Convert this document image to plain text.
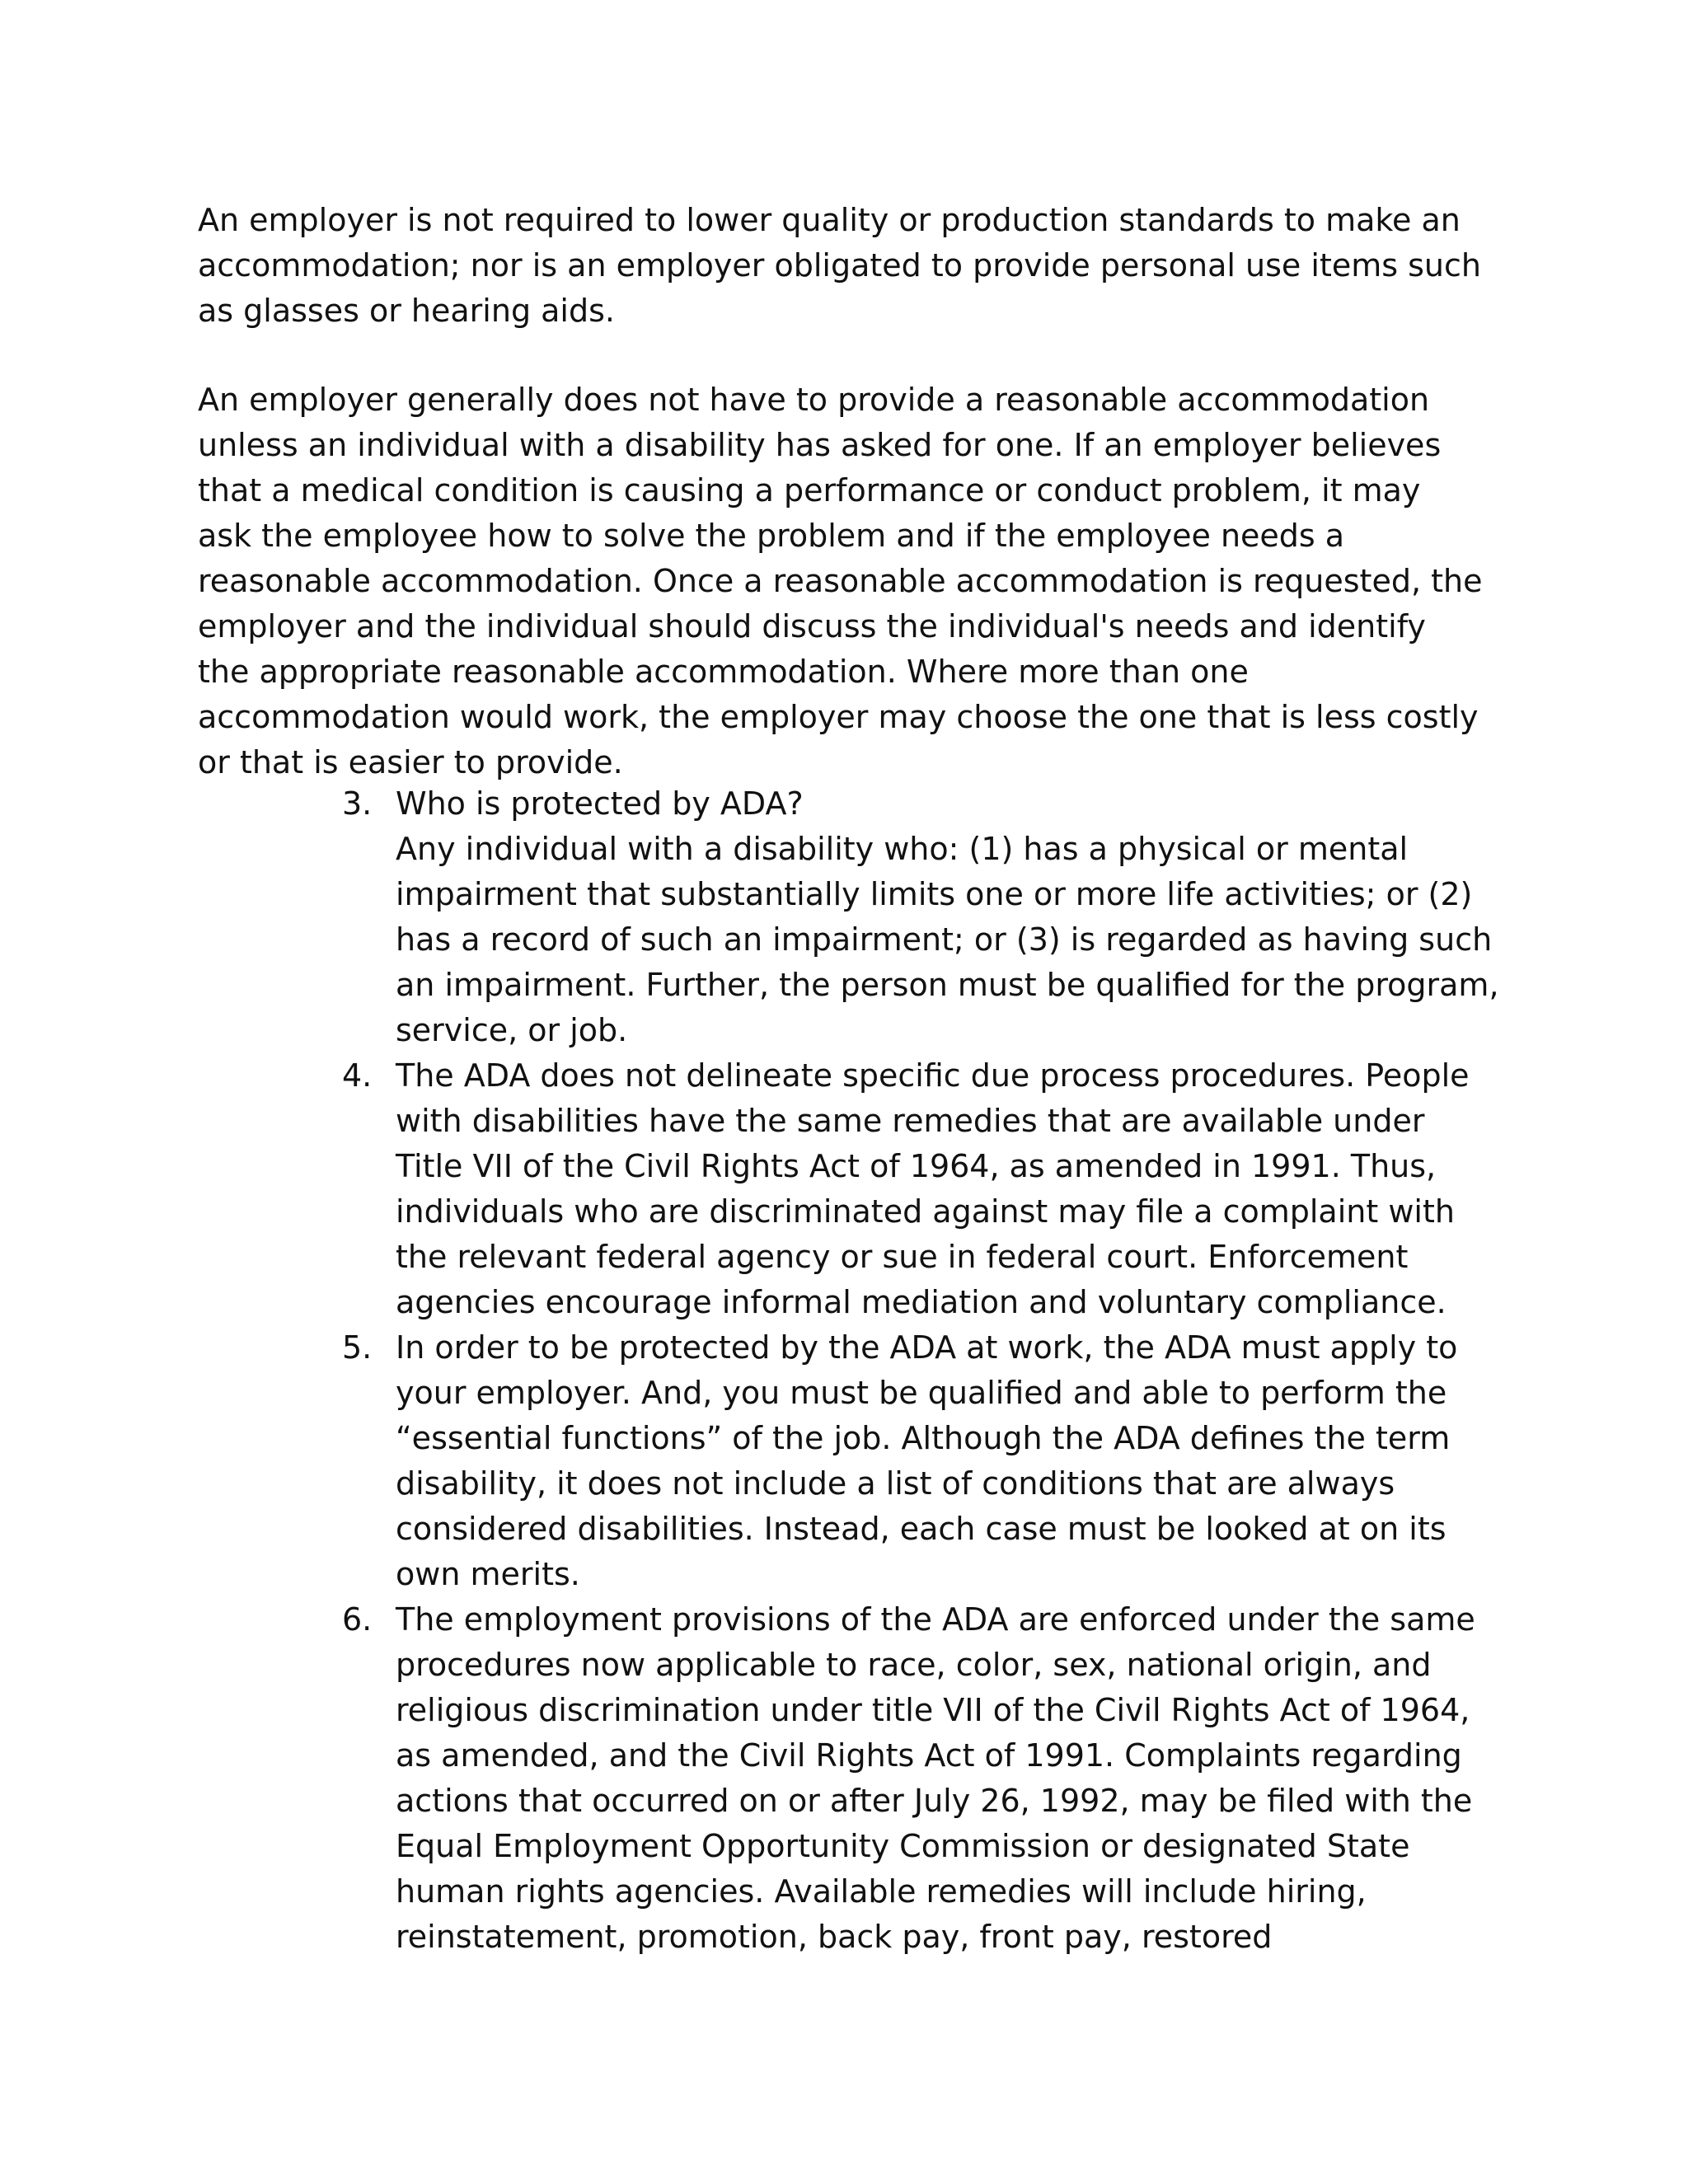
An employer is not required to lower quality or production standards to make an accommodation; nor is an employer obligated to provide personal use items such as glasses or hearing aids.

An employer generally does not have to provide a reasonable accommodation unless an individual with a disability has asked for one. If an employer believes that a medical condition is causing a performance or conduct problem, it may ask the employee how to solve the problem and if the employee needs a reasonable accommodation. Once a reasonable accommodation is requested, the employer and the individual should discuss the individual's needs and identify the appropriate reasonable accommodation. Where more than one accommodation would work, the employer may choose the one that is less costly or that is easier to provide.

3. Who is protected by ADA?
Any individual with a disability who: (1) has a physical or mental impairment that substantially limits one or more life activities; or (2) has a record of such an impairment; or (3) is regarded as having such an impairment. Further, the person must be qualified for the program, service, or job.
4. The ADA does not delineate specific due process procedures. People with disabilities have the same remedies that are available under Title VII of the Civil Rights Act of 1964, as amended in 1991. Thus, individuals who are discriminated against may file a complaint with the relevant federal agency or sue in federal court. Enforcement agencies encourage informal mediation and voluntary compliance.
5. In order to be protected by the ADA at work, the ADA must apply to your employer. And, you must be qualified and able to perform the “essential functions” of the job. Although the ADA defines the term disability, it does not include a list of conditions that are always considered disabilities. Instead, each case must be looked at on its own merits.
6. The employment provisions of the ADA are enforced under the same procedures now applicable to race, color, sex, national origin, and religious discrimination under title VII of the Civil Rights Act of 1964, as amended, and the Civil Rights Act of 1991. Complaints regarding actions that occurred on or after July 26, 1992, may be filed with the Equal Employment Opportunity Commission or designated State human rights agencies. Available remedies will include hiring, reinstatement, promotion, back pay, front pay, restored
